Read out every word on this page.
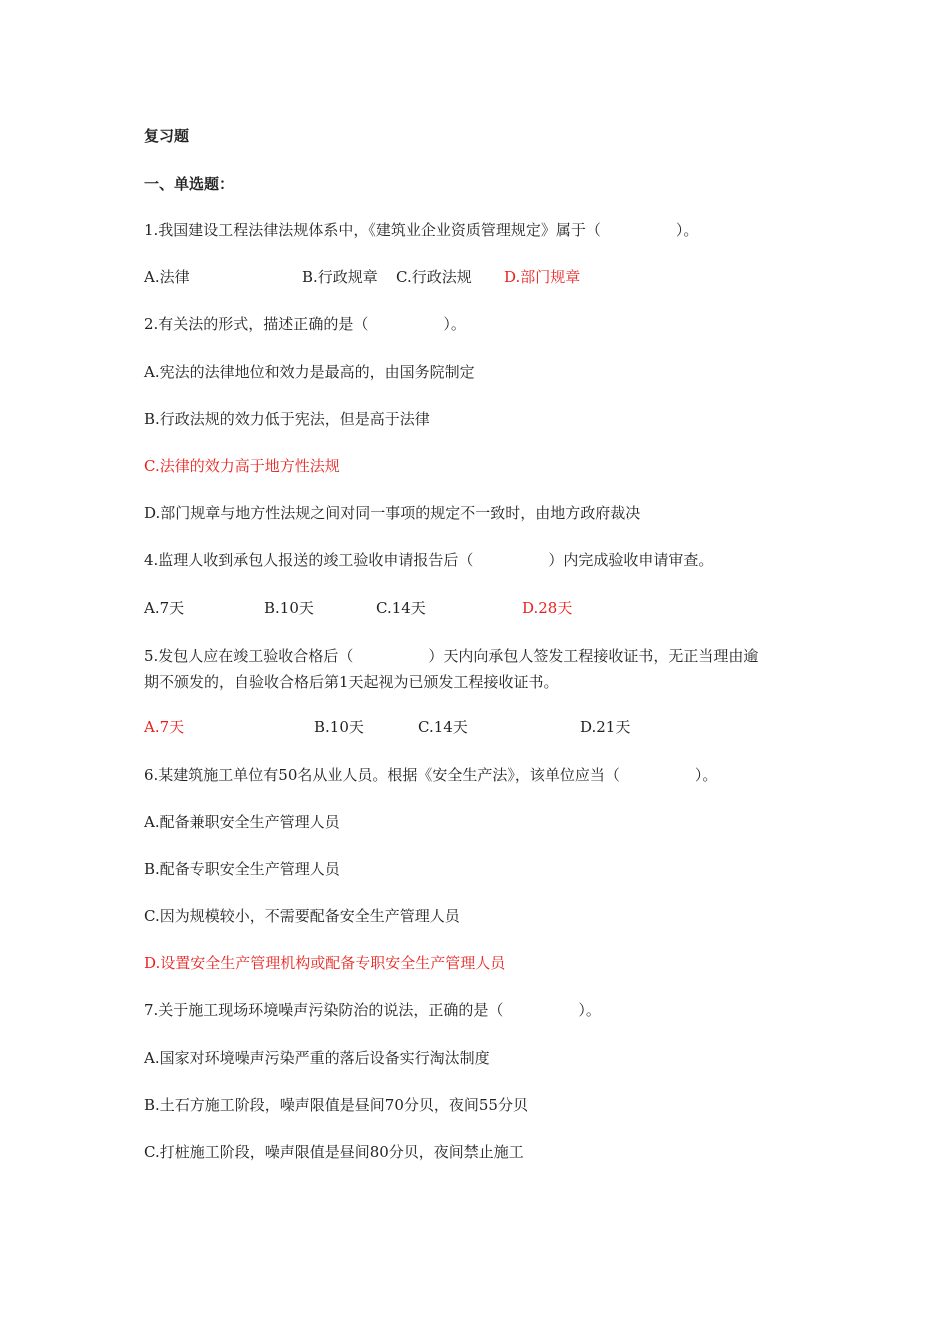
复习题
一、单选题：
1.我国建设工程法律法规体系中，《建筑业企业资质管理规定》属于（　　　　　）。
A.法律	B.行政规章 C.行政法规 D.部门规章
2.有关法的形式，描述正确的是（　　　　　）。
A.宪法的法律地位和效力是最高的，由国务院制定
B.行政法规的效力低于宪法，但是高于法律
C.法律的效力高于地方性法规
D.部门规章与地方性法规之间对同一事项的规定不一致时，由地方政府裁决
4.监理人收到承包人报送的竣工验收申请报告后（　　　　　）内完成验收申请审查。
A.7天	B.10天	C.14天	D.28天
5.发包人应在竣工验收合格后（　　　　　）天内向承包人签发工程接收证书，无正当理由逾
期不颁发的，自验收合格后第1天起视为已颁发工程接收证书。
A.7天	B.10天	C.14天	D.21天
6.某建筑施工单位有50名从业人员。根据《安全生产法》，该单位应当（　　　　　）。
A.配备兼职安全生产管理人员
B.配备专职安全生产管理人员
C.因为规模较小，不需要配备安全生产管理人员
D.设置安全生产管理机构或配备专职安全生产管理人员
7.关于施工现场环境噪声污染防治的说法，正确的是（　　　　　）。
A.国家对环境噪声污染严重的落后设备实行淘汰制度
B.土石方施工阶段，噪声限值是昼间70分贝，夜间55分贝
C.打桩施工阶段，噪声限值是昼间80分贝，夜间禁止施工
